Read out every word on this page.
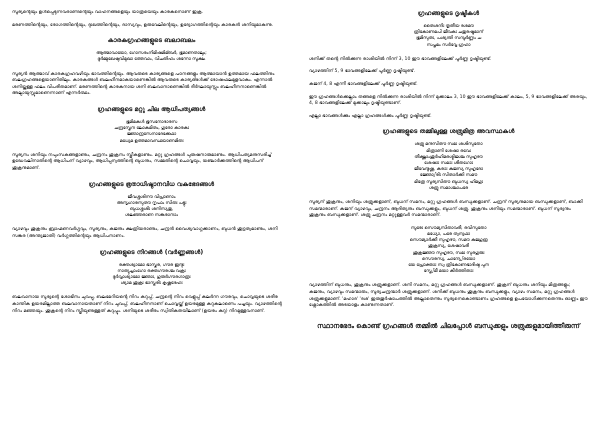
സൂര്യന്റെയും ഉൾപ്പെടുന്നവരാണിന്റെയും വാഹനങ്ങളെയും യാത്രയെയും കാരകനൊണ് ഇക്ര.

മരണത്തിന്റെയും, രോഗത്തിന്റെയും, ദുഃഖത്തിന്റെയും, ദാസ്യവും, ഉരുവേലിന്റെയും, ഉദ്യോഗത്തിന്റെയും കാരകൻ ശനിയുമാകുന്നു.

കാരകഗ്രഹങ്ങളുടെ ബലാബലം
ആത്മാവായോ, ഗോസരംനിമിഷമിമ്ബർ, ഭൂമാണതാലും;
ദൂർമ്മുഖേഷുവിമുഖാ ത്തേവാം, വിചതിഹം ശന്നോ സൂക്ഷ.

സൂര്യൻ ആത്മാവ് കാരകഗ്രഹവഴിയും ഭാവത്തിന്റെയും. ആവരുടെ കാര്യങ്ങളെ പഠനങ്ങളും ആത്മായാൻ ഉത്തമായ ഫലത്തിനും ബലഗ്രഹങ്ങളെയാണിതിലും. കാരകങ്ങൾ ബലഹീനമാകയാണെങ്കിൽ ആവരുടെ കാര്യങ്ങൾക്ക് ദോഷഫലമുളവാകും. എന്നാൽ ശനിയ്ക്കുള്ള ഫലം വിപരീതമാണ്. മരണത്തിന്റെ കാരകനായ ശനി ബലവാനാണെങ്കിൽ ദീർഘായുസ്സും ബലഹീനനാണെങ്കിൽ അല്പായുസ്സുമാണെന്നാണ് എന്നർത്ഥം.

ഗ്രഹങ്ങളുടെ മറ്റു ചില ആധിപത്യങ്ങൾ
ഭൂമിമകൾ ഭൂസനോദാരസ
ചന്ദ്രസ്തേന ലോകമിതം, ഗുരോ കാരകഃ
ജ്ഞാന്ദ്രസേനാദേക്കേഥാ
മധ്യേമ ഉത്തമാവസ്ഥയാണമിതഃ

സൂര്യനം ശനിയും നപുംസകങ്ങളാണും, ചന്ദ്രനം ശുക്രനം സ്ത്രീകളാണും. മറ്റു ഗ്രഹങ്ങൾ പുരുഷനാരുമാണും. ആധിപത്യമനുസരിച്ച് ഉദ്ധേവലിനാതിന്റെ ആധിപന് വ്യാഴവും, ആധിപ്പന്വത്തിന്റെ ബുധനും, സമ്മതിന്റെ ചൊവ്വയും, യഞ്ചാർക്കത്തിന്റെ ആധിപന് ശുക്രനുമാണ്.

ഗ്രഹങ്ങളുടെ ഭൂതാധിഷ്ഠാനവിധ വകഭേദങ്ങൾ
ജീവശ്ശശിനൗ വിപ്രാണാം
അസൃഗാരസുതൗ നൃപാം സിതഃ പട്ടുഃ
ബുധശ്ശശിഃ ശനിസ്യതു,
ശലഞ്ഞരാണ സങ്കരാനാം

വ്യാഴവും ശുക്രനും ബ്രാഹ്മണവർഗ്ഗവും, സൂര്യനും, കജനും ക്ഷത്രിയരാണും, ചന്ദ്രൻ വൈശ്യവാഗ്ഗക്കാണം, ബുധൻ ശുദ്രത്വമാണും, ശനി സങ്കര (അന്ത്യജാതി) വർഗ്ഗത്തിന്റെയും ആധിപനാണം.

ഗ്രഹങ്ങളുടെ നിറങ്ങൾ (വർണ്ണങ്ങൾ)
രക്തശ്യാമോ ഭാസ്കര, ഗൗര ഇന്ദുഃ
നാത്യുച്ചാംഗോ രക്തഗൗരശ്ച വക്രഃ
ദൂർവ്വാശ്യാമോ ജ്ഞാഃ, ഗുരുർഗൗരഗാത്രഃ
ശ്യാമ ശുക്രഃ ഭാസ്കുരിഃ കൃഷ്ണദേഹഃ

ബലവാനായ സൂര്യന്റെ ശോഭിനം ചുവപ്പു, ബലമേറിയന്റെ നിറം കറുപ്പ്, ചന്ദ്രന്റെ നിറം വെളുപ്പ് കലർന്ന ഗൗരവും, ചൊവ്വയുടെ ശരീര കാന്തിക ഉയരമില്ലാത്ത ബലവാനായതാണ് നിറം ചുവപ്പ്, ബലഹീനനാണ് ചൊവ്വയ്ക്ക് ഉയരമുള്ള കറുകലാണെം പച്ചയും. വ്യാഴത്തിന്റെ നിറം മഞ്ഞയും. ശുക്രന്റെ നിറം സ്ത്രീയുണുള്ളത് കറുപ്പും. ശനിയുടെ ശരീരം സ്വിതികതയിലാണ് (ഉയരം കുറു) നിറമുള്ളവനാണ്.

ഗ്രഹങ്ങളുടെ ദൃഷ്ടികൾ
തൈശനിഃ തൃതീയ ദശമൗ
ത്രികോണമപി ജീവകഃ ചതുരഷ്ടമാന്
ഭൂമിസുതഃ, പശ്യന്തി സമ്പൂര്‍ണ്ണം ച
സപ്തമം സര്‍വ്വേ ഗ്രഹാ

ശനിക്ക് തന്റെ നിൽക്കുന്ന രാശിയിൽ നിന്ന് 3, 10 ഈ ഭാവങ്ങളിലേക്ക് പൂർണ്ണ ദൃഷ്ടിയുണ്ട്.

വ്യാഴത്തിന് 5, 9 ഭാവങ്ങളിലേക്ക് പൂർണ്ണ ദൃഷ്ടിയുണ്ട്.

കജന് 4, 8 എന്നീ ഭാവങ്ങളിലേക്ക് പൂർണ്ണ ദൃഷ്ടിയുണ്ട്.

ഈ ഗ്രഹങ്ങൾക്കെല്ലാം തങ്ങളെ നിൽക്കുന്ന രാശിയിൽ നിന്ന് മുക്കാലം 3, 10 ഈ ഭാവങ്ങളിലേക്ക് കാലം, 5, 9 ഭാവങ്ങളിലേക്ക് അരയും, 4, 8 ഭാവങ്ങളിലേക്ക് മുക്കാലും ദൃഷ്ടിയുണ്ടാണ്.

എല്ലാ ഭാവങ്ങൾക്കും എല്ലാ ഗ്രഹങ്ങൾക്കും പൂർണ്ണ ദൃഷ്ടിയുണ്ട്.

ഗ്രഹങ്ങളുടെ തമ്മിലുള്ള ശത്രുമിത്ര അവസ്ഥകൾ
ശത്രു മന്ദസിതൗ സമഃ ശശിസുതോ
മിത്രാണി ശേഷാ രവേഃ
തീക്ഷ്ണാംശുർഹിമരശ്മിജശ്ച സുഹൃദൗ
ശേഷാഃ സമാഃ ശീതഗോഃ
ജീവേന്ദൂഷ്ണ, കരാഃ കുജസ്യ സുഹൃദോ
ജ്ഞോഽരിഃ സിതാർക്കി സമൗ
മിത്രേ സൂര്യസിതൗ ബുധസ്യ ഹിമഗുഃ
ശത്രു സമാശ്ചാപരേ

സൂര്യന് ശുക്രനും, ശനിയും ശത്രുക്കളാണ്, ബുധന് സമനം, മറ്റു ഗ്രഹങ്ങൾ ബന്ധുക്കളാണ്. ചന്ദ്രന് സൂര്യനുമായ ബന്ധുക്കളാണ്, ബാക്കി സമന്മാരാണ്. കജന് വ്യാഴവും, ചന്ദ്രനം ആദിത്യനും ബന്ധുക്കളും, ബുധന് ശത്രു. ശുക്രനും ശനിയും സമന്മാരാണ്. ബുധന് സൂര്യനും ശുക്രനും ബന്ധുക്കളാണ്. ശത്രു ചന്ദ്രനം മറ്റുള്ളവർ സമന്മാരാണ്.

സൂരേഃ സൌമ്യസിതാവരീ, രവിസുതോ
മധ്യോ, പരേ ത്വന്യഥാ
സൌമ്യാർക്കീ സുഹൃദൗ, സമൗ കുജഗുരൂ
ശുക്രസ്യ, ശേഷാവരീ
ശുക്രജ്ഞൗ സുഹൃദൗ, സമഃ സുരഗുരുഃ
സൌരസ്യ, ചാന്യേഽരയോ
യേ പ്രോക്താഃ സ്വ ത്രികോണഭാദിഷു പുന
സ്തേഽമീ മയാ കീർത്തിതാഃ

വ്യാഴത്തിന് ബുധനും, ശുക്രനും ശത്രുക്കളാണ്. ശനി സമനം, മറ്റു ഗ്രഹങ്ങൾ ബന്ധുക്കളാണ്. ശുക്രന് ബുധനും ശനിയും മിത്രങ്ങളും; കജനും, വ്യാഴവും സമന്മാരും, സൂര്യചന്ദ്രന്മാർ ശത്രുക്കളാണ്. ശനിക്ക് ബുധനും ശുക്രനും ബന്ധുക്കളും, വ്യാഴം സമനം, മറ്റു ഗ്രഹങ്ങൾ ശത്രുക്കളുമാണ്. 'മഹാദ' 'ദശ' ഇരുതൂർഷാപത്തിൽ അല്ലാതെന്നും സൂര്യനെകൊണ്ടാണം ഗ്രഹങ്ങളെ ഉപയോഗിക്കുന്നതെന്നും ഓണ്ണം ഈ ശ്ലോകത്തിൽ അടയാളം കാണുന്നതാണ്.

സ്ഥാനഭേദം കൊണ്ട് ഗ്രഹങ്ങൾ തമ്മിൽ ചിലപ്പോൾ ബന്ധുക്കളും ശത്രുക്കളുമായിത്തീരുന്ന്
